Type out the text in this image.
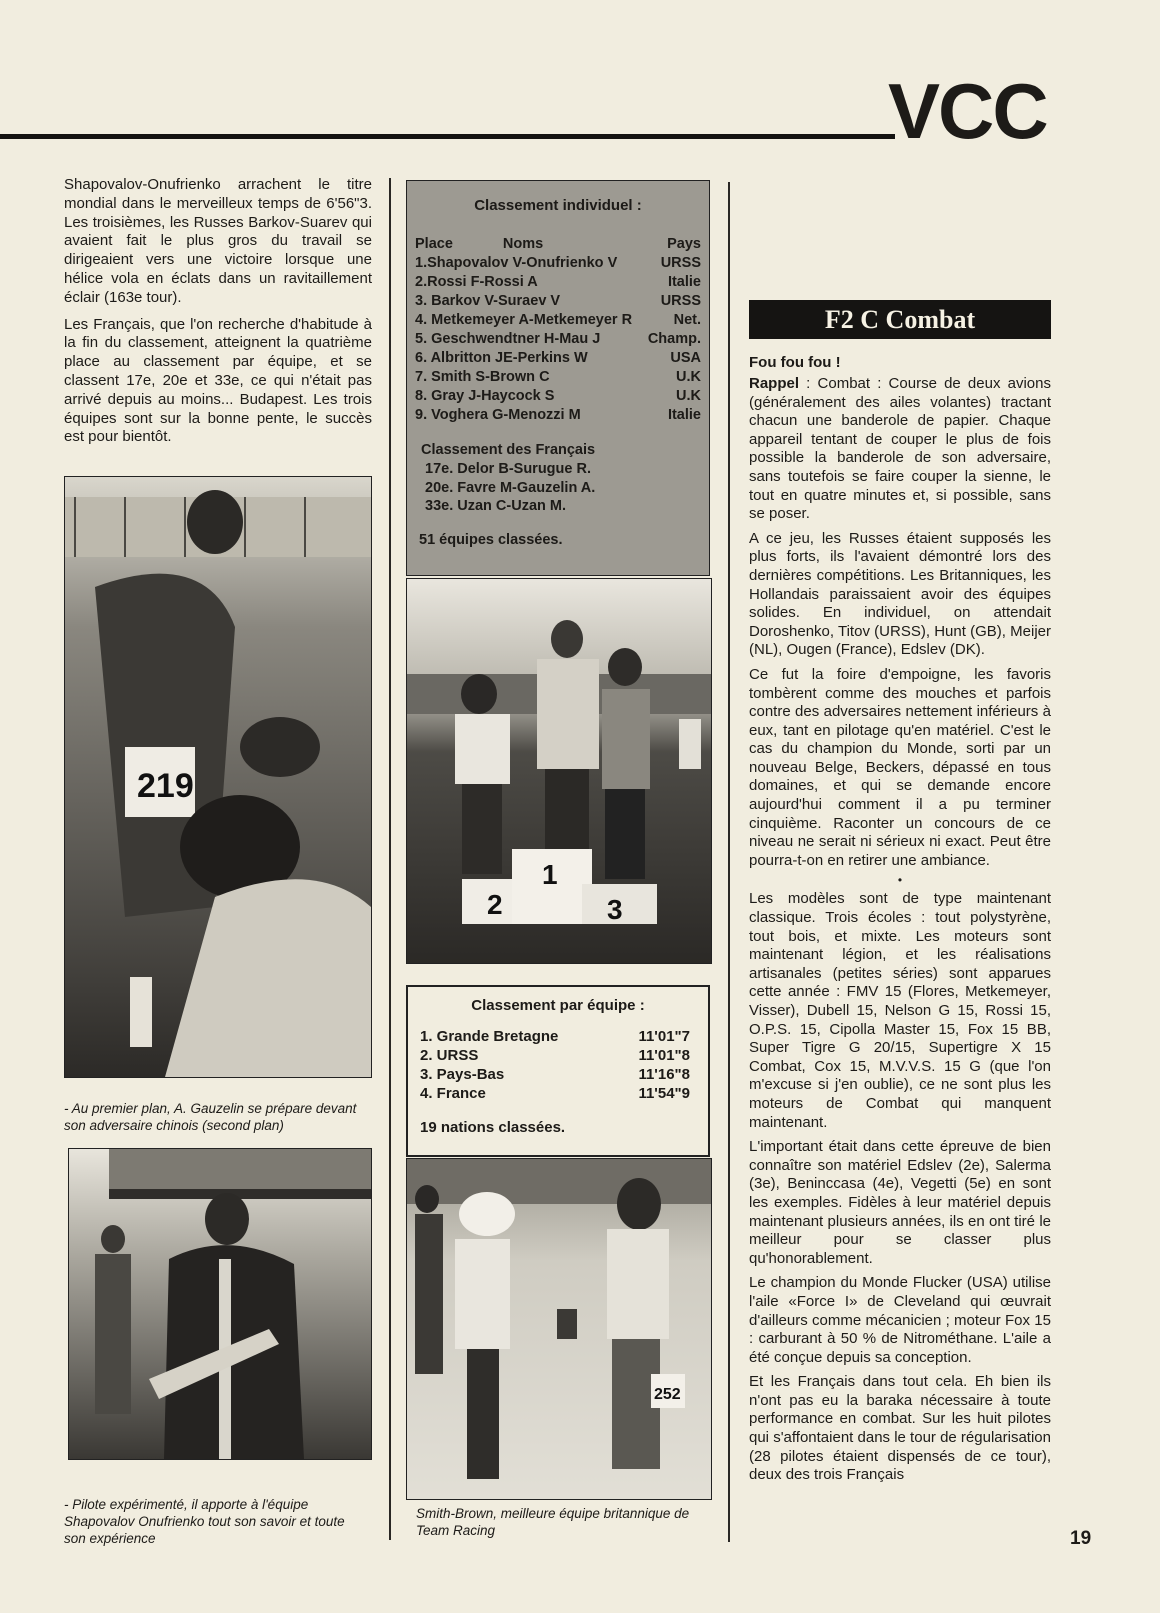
VCC

Shapovalov-Onufrienko arrachent le titre mondial dans le merveilleux temps de 6'56"3. Les troisièmes, les Russes Barkov-Suarev qui avaient fait le plus gros du travail se dirigeaient vers une victoire lorsque une hélice vola en éclats dans un ravitaillement éclair (163e tour).

Les Français, que l'on recherche d'habitude à la fin du classement, atteignent la quatrième place au classement par équipe, et se classent 17e, 20e et 33e, ce qui n'était pas arrivé depuis au moins... Budapest. Les trois équipes sont sur la bonne pente, le succès est pour bientôt.

219
- Au premier plan, A. Gauzelin se prépare devant son adversaire chinois (second plan)
- Pilote expérimenté, il apporte à l'équipe Shapovalov Onufrienko tout son savoir et toute son expérience
Classement individuel :
Place	Noms	Pays
1.Shapovalov V-Onufrienko V	URSS
2.Rossi F-Rossi A	Italie
3. Barkov V-Suraev V	URSS
4. Metkemeyer A-Metkemeyer R	Net.
5. Geschwendtner H-Mau J	Champ.
6. Albritton JE-Perkins W	USA
7. Smith S-Brown C	U.K
8. Gray J-Haycock S	U.K
9. Voghera G-Menozzi M	Italie
Classement des Français
17e. Delor B-Surugue R.
20e. Favre M-Gauzelin A.
33e. Uzan C-Uzan M.
51 équipes classées.
2
1
3
Classement par équipe :
1. Grande Bretagne	11'01"7
2. URSS	11'01"8
3. Pays-Bas	11'16"8
4. France	11'54"9
19 nations classées.
252
Smith-Brown, meilleure équipe britannique de Team Racing
F2 C Combat
Fou fou fou !

Rappel : Combat : Course de deux avions (généralement des ailes volantes) tractant chacun une banderole de papier. Chaque appareil tentant de couper le plus de fois possible la banderole de son adversaire, sans toutefois se faire couper la sienne, le tout en quatre minutes et, si possible, sans se poser.

A ce jeu, les Russes étaient supposés les plus forts, ils l'avaient démontré lors des dernières compétitions. Les Britanniques, les Hollandais paraissaient avoir des équipes solides. En individuel, on attendait Doroshenko, Titov (URSS), Hunt (GB), Meijer (NL), Ougen (France), Edslev (DK).

Ce fut la foire d'empoigne, les favoris tombèrent comme des mouches et parfois contre des adversaires nettement inférieurs à eux, tant en pilotage qu'en matériel. C'est le cas du champion du Monde, sorti par un nouveau Belge, Beckers, dépassé en tous domaines, et qui se demande encore aujourd'hui comment il a pu terminer cinquième. Raconter un concours de ce niveau ne serait ni sérieux ni exact. Peut être pourra-t-on en retirer une ambiance.

•

Les modèles sont de type maintenant classique. Trois écoles : tout polystyrène, tout bois, et mixte. Les moteurs sont maintenant légion, et les réalisations artisanales (petites séries) sont apparues cette année : FMV 15 (Flores, Metkemeyer, Visser), Dubell 15, Nelson G 15, Rossi 15, O.P.S. 15, Cipolla Master 15, Fox 15 BB, Super Tigre G 20/15, Supertigre X 15 Combat, Cox 15, M.V.V.S. 15 G (que l'on m'excuse si j'en oublie), ce ne sont plus les moteurs de Combat qui manquent maintenant.

L'important était dans cette épreuve de bien connaître son matériel Edslev (2e), Salerma (3e), Beninccasa (4e), Vegetti (5e) en sont les exemples. Fidèles à leur matériel depuis maintenant plusieurs années, ils en ont tiré le meilleur pour se classer plus qu'honorablement.

Le champion du Monde Flucker (USA) utilise l'aile «Force I» de Cleveland qui œuvrait d'ailleurs comme mécanicien ; moteur Fox 15 : carburant à 50 % de Nitrométhane. L'aile a été conçue depuis sa conception.

Et les Français dans tout cela. Eh bien ils n'ont pas eu la baraka nécessaire à toute performance en combat. Sur les huit pilotes qui s'affontaient dans le tour de régularisation (28 pilotes étaient dispensés de ce tour), deux des trois Français

19
